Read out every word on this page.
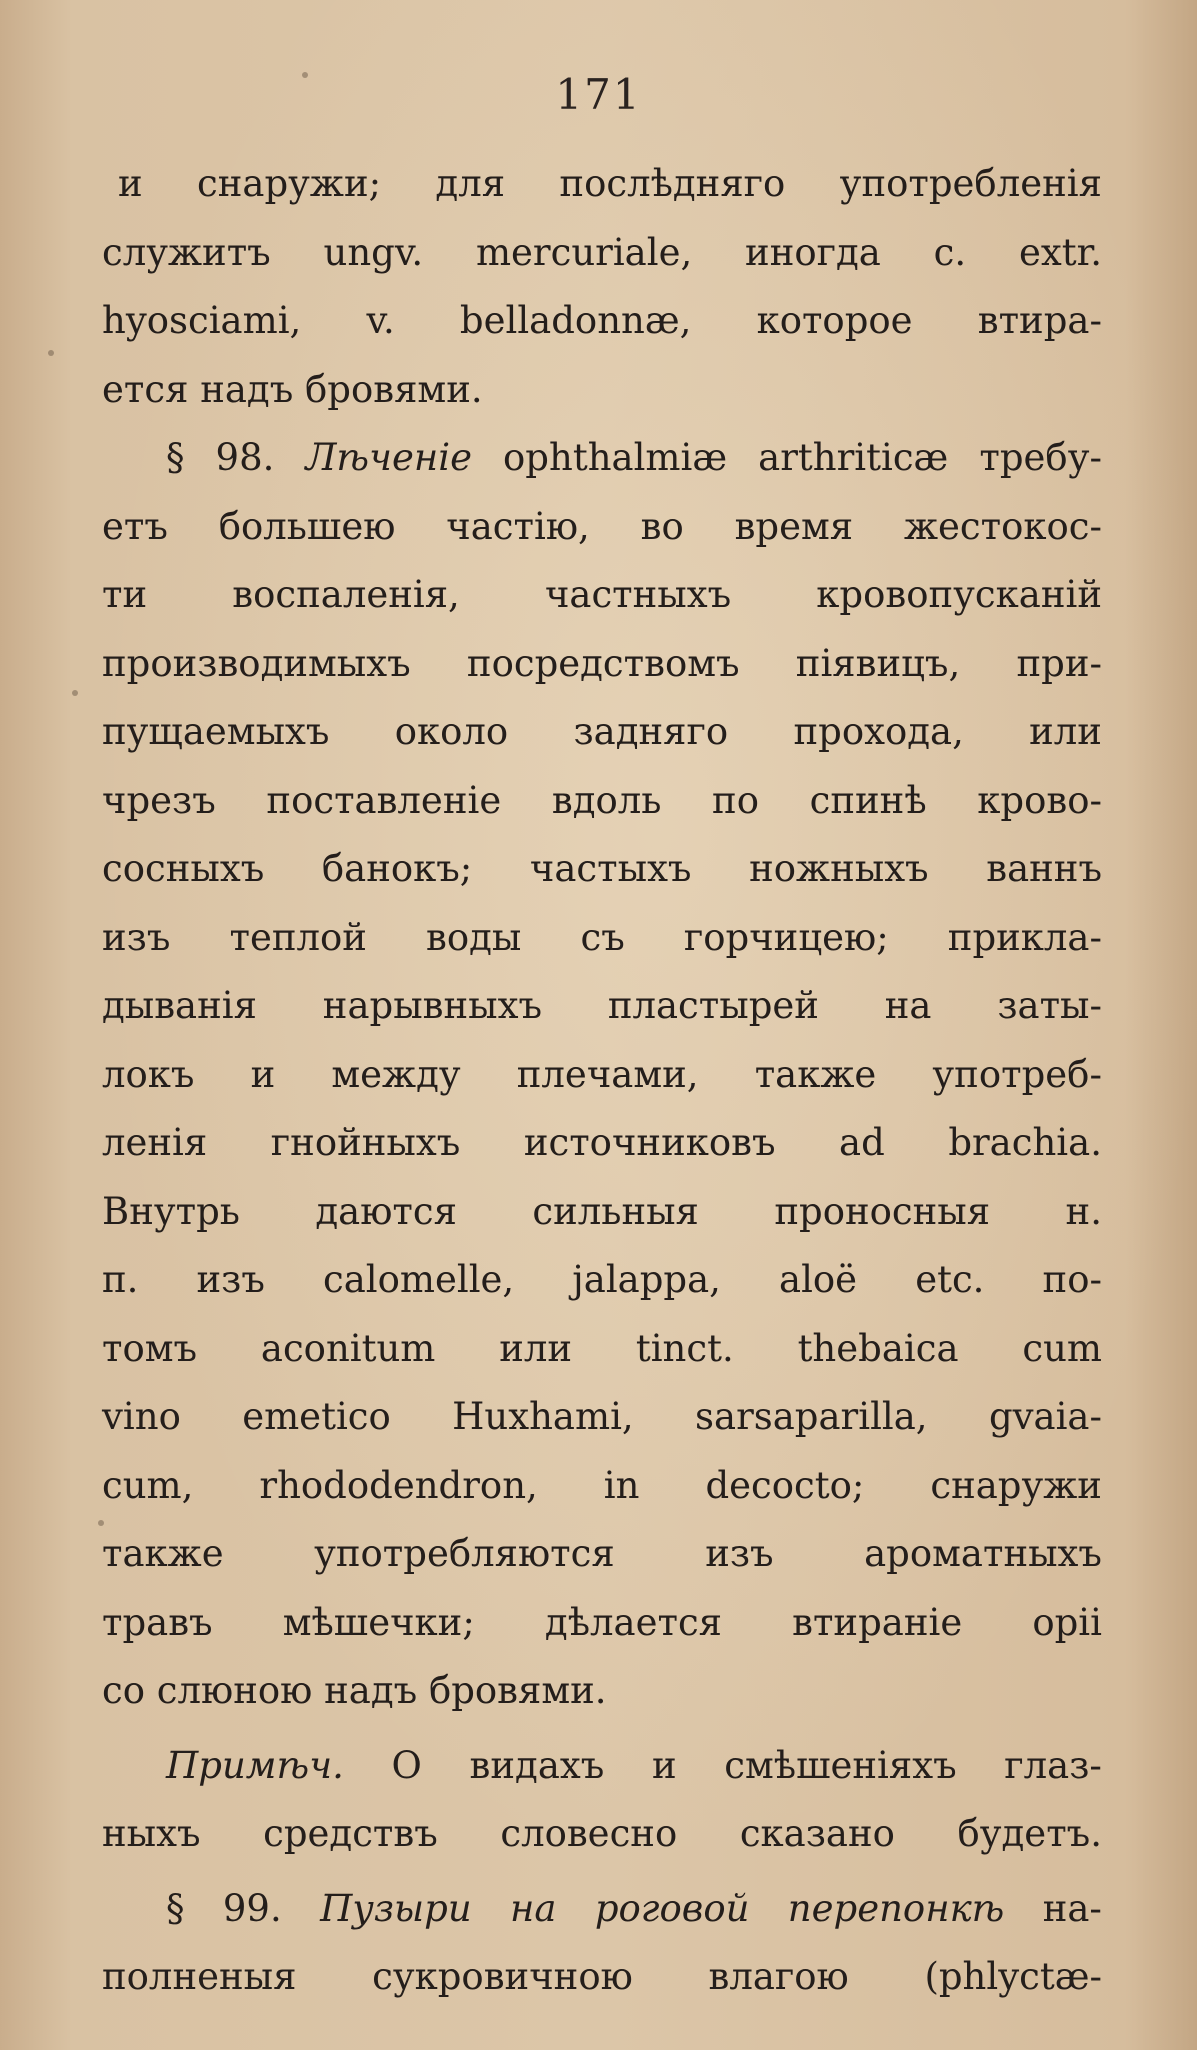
171
и снаружи; для послѣдняго употребленія
служитъ ungv. mercuriale, иногда c. extr.
hyosciami, v. belladonnæ, которое втира-
ется
надъ
бровями.
§ 98. Лѣченіе ophthalmiæ arthriticæ требу-
етъ большею частію, во время жестокос-
ти воспаленія, частныхъ кровопусканій
производимыхъ посредствомъ піявицъ, при-
пущаемыхъ около задняго прохода, или
чрезъ поставленіе вдоль по спинѣ крово-
сосныхъ банокъ; частыхъ ножныхъ ваннъ
изъ теплой воды съ горчицею; прикла-
дыванія нарывныхъ пластырей на заты-
локъ и между плечами, также употреб-
ленія гнойныхъ источниковъ ad brachia.
Внутрь даются сильныя проносныя н.
п. изъ calomelle, jalappa, aloë etc. по-
томъ aconitum или tinct. thebaica cum
vino emetico Huxhami, sarsaparilla, gvaia-
cum, rhododendron, in decocto; снаружи
также употребляются изъ ароматныхъ
травъ мѣшечки; дѣлается втираніе opii
со
слюною
надъ
бровями.
Примѣч. О видахъ и смѣшеніяхъ глаз-
ныхъ средствъ словесно сказано будетъ.
§ 99. Пузыри на роговой перепонкѣ на-
полненыя сукровичною влагою (phlyctæ-
